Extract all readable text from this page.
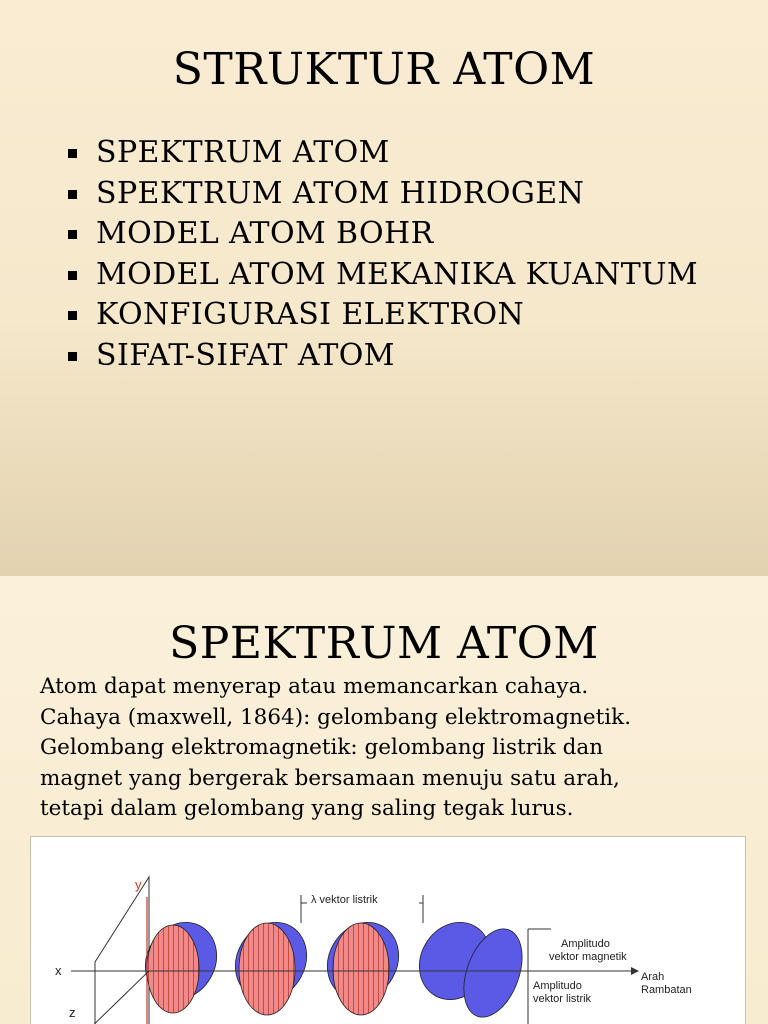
STRUKTUR ATOM
SPEKTRUM ATOM
SPEKTRUM ATOM HIDROGEN
MODEL ATOM BOHR
MODEL ATOM MEKANIKA KUANTUM
KONFIGURASI ELEKTRON
SIFAT-SIFAT ATOM
SPEKTRUM ATOM
Atom dapat menyerap atau memancarkan cahaya.
Cahaya (maxwell, 1864): gelombang elektromagnetik.
Gelombang elektromagnetik: gelombang listrik dan
magnet yang bergerak bersamaan menuju satu arah,
tetapi dalam gelombang yang saling tegak lurus.
y
x
z
λ vektor listrik
Amplitudo
vektor magnetik
Arah
Rambatan
Amplitudo
vektor listrik
